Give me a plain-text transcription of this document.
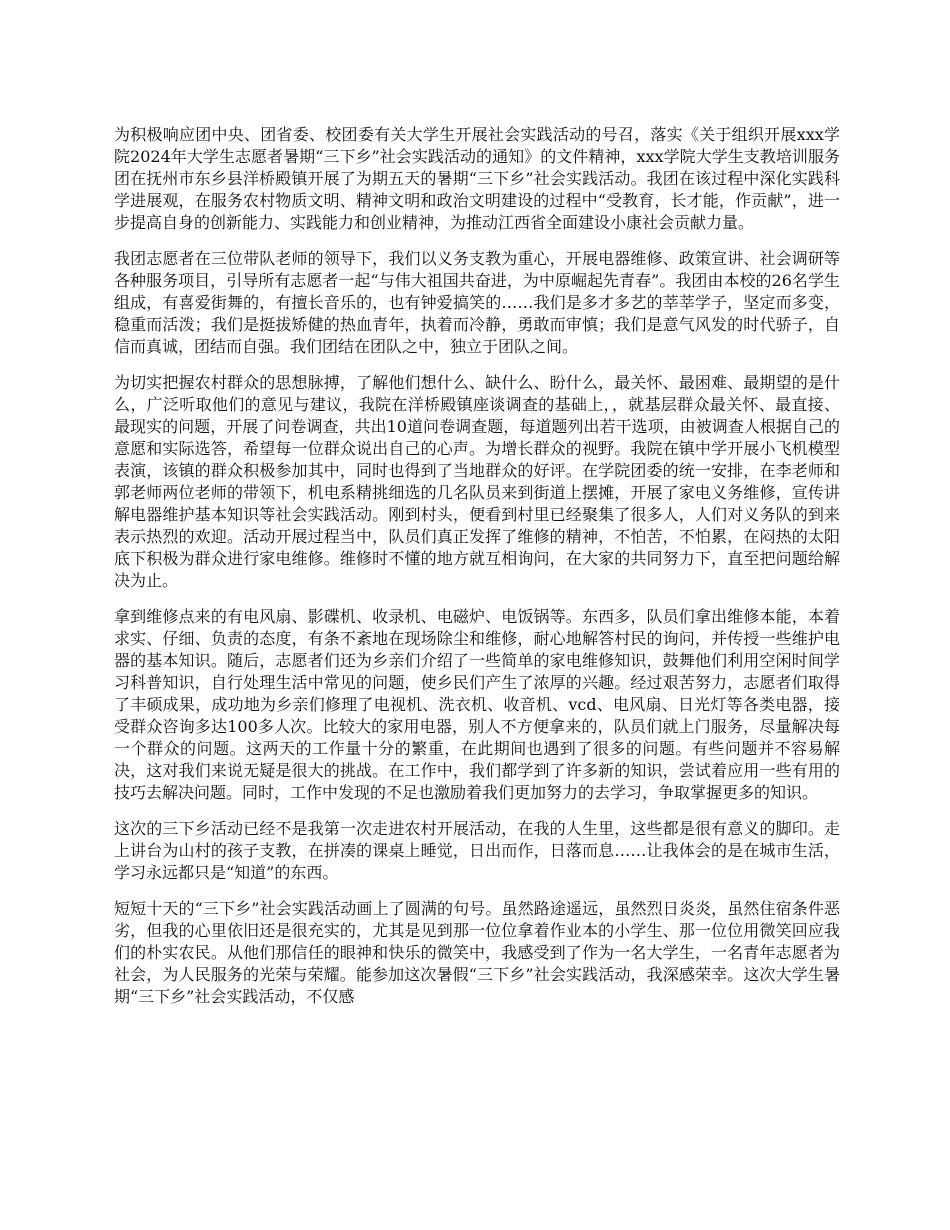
为积极响应团中央、团省委、校团委有关大学生开展社会实践活动的号召，落实《关于组织开展xxx学院2024年大学生志愿者暑期“三下乡”社会实践活动的通知》的文件精神，xxx学院大学生支教培训服务团在抚州市东乡县洋桥殿镇开展了为期五天的暑期“三下乡”社会实践活动。我团在该过程中深化实践科学进展观，在服务农村物质文明、精神文明和政治文明建设的过程中“受教育，长才能，作贡献”，进一步提高自身的创新能力、实践能力和创业精神，为推动江西省全面建设小康社会贡献力量。

我团志愿者在三位带队老师的领导下，我们以义务支教为重心，开展电器维修、政策宣讲、社会调研等各种服务项目，引导所有志愿者一起“与伟大祖国共奋进，为中原崛起先青春”。我团由本校的26名学生组成，有喜爱街舞的，有擅长音乐的，也有钟爱搞笑的……我们是多才多艺的莘莘学子，坚定而多变，稳重而活泼；我们是挺拔矫健的热血青年，执着而冷静，勇敢而审慎；我们是意气风发的时代骄子，自信而真诚，团结而自强。我们团结在团队之中，独立于团队之间。

为切实把握农村群众的思想脉搏，了解他们想什么、缺什么、盼什么，最关怀、最困难、最期望的是什么，广泛听取他们的意见与建议，我院在洋桥殿镇座谈调查的基础上，，就基层群众最关怀、最直接、最现实的问题，开展了问卷调查，共出10道问卷调查题，每道题列出若干选项，由被调查人根据自己的意愿和实际选答，希望每一位群众说出自己的心声。为增长群众的视野。我院在镇中学开展小飞机模型表演，该镇的群众积极参加其中，同时也得到了当地群众的好评。在学院团委的统一安排，在李老师和郭老师两位老师的带领下，机电系精挑细选的几名队员来到街道上摆摊，开展了家电义务维修，宣传讲解电器维护基本知识等社会实践活动。刚到村头，便看到村里已经聚集了很多人，人们对义务队的到来表示热烈的欢迎。活动开展过程当中，队员们真正发挥了维修的精神，不怕苦，不怕累，在闷热的太阳底下积极为群众进行家电维修。维修时不懂的地方就互相询问，在大家的共同努力下，直至把问题给解决为止。

拿到维修点来的有电风扇、影碟机、收录机、电磁炉、电饭锅等。东西多，队员们拿出维修本能，本着求实、仔细、负责的态度，有条不紊地在现场除尘和维修，耐心地解答村民的询问，并传授一些维护电器的基本知识。随后，志愿者们还为乡亲们介绍了一些简单的家电维修知识，鼓舞他们利用空闲时间学习科普知识，自行处理生活中常见的问题，使乡民们产生了浓厚的兴趣。经过艰苦努力，志愿者们取得了丰硕成果，成功地为乡亲们修理了电视机、洗衣机、收音机、vcd、电风扇、日光灯等各类电器，接受群众咨询多达100多人次。比较大的家用电器，别人不方便拿来的，队员们就上门服务，尽量解决每一个群众的问题。这两天的工作量十分的繁重，在此期间也遇到了很多的问题。有些问题并不容易解决，这对我们来说无疑是很大的挑战。在工作中，我们都学到了许多新的知识，尝试着应用一些有用的技巧去解决问题。同时，工作中发现的不足也激励着我们更加努力的去学习，争取掌握更多的知识。

这次的三下乡活动已经不是我第一次走进农村开展活动，在我的人生里，这些都是很有意义的脚印。走上讲台为山村的孩子支教，在拼凑的课桌上睡觉，日出而作，日落而息……让我体会的是在城市生活，学习永远都只是“知道”的东西。

短短十天的“三下乡”社会实践活动画上了圆满的句号。虽然路途遥远，虽然烈日炎炎，虽然住宿条件恶劣，但我的心里依旧还是很充实的，尤其是见到那一位位拿着作业本的小学生、那一位位用微笑回应我们的朴实农民。从他们那信任的眼神和快乐的微笑中，我感受到了作为一名大学生，一名青年志愿者为社会，为人民服务的光荣与荣耀。能参加这次暑假“三下乡”社会实践活动，我深感荣幸。这次大学生暑期“三下乡”社会实践活动，不仅感
